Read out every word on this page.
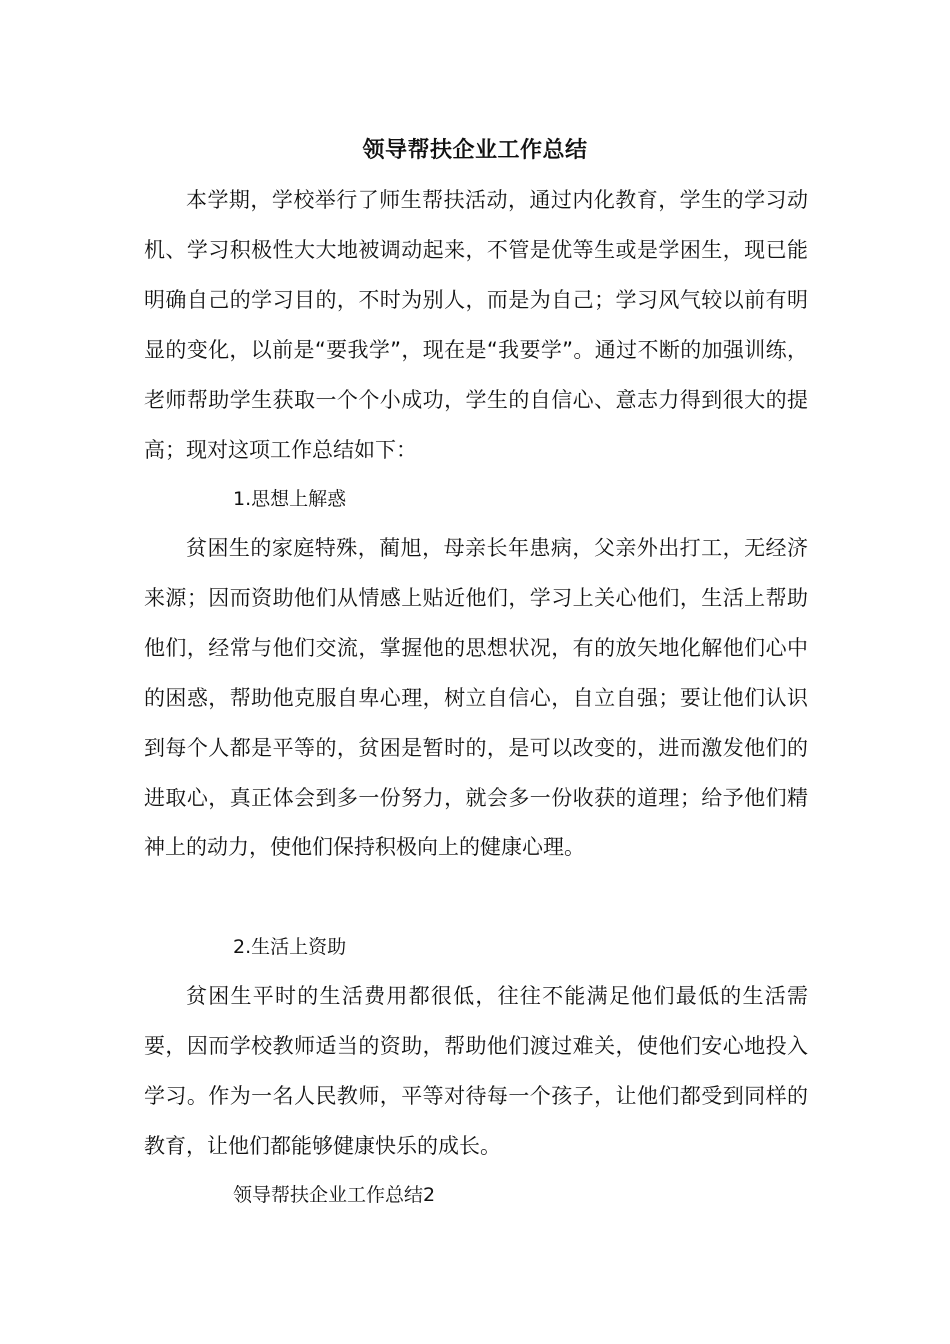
领导帮扶企业工作总结

本学期，学校举行了师生帮扶活动，通过内化教育，学生的学习动机、学习积极性大大地被调动起来，不管是优等生或是学困生，现已能明确自己的学习目的，不时为别人，而是为自己；学习风气较以前有明显的变化，以前是“要我学”，现在是“我要学”。通过不断的加强训练，老师帮助学生获取一个个小成功，学生的自信心、意志力得到很大的提高；现对这项工作总结如下：

1.思想上解惑

贫困生的家庭特殊，蔺旭，母亲长年患病，父亲外出打工，无经济来源；因而资助他们从情感上贴近他们，学习上关心他们，生活上帮助他们，经常与他们交流，掌握他的思想状况，有的放矢地化解他们心中的困惑，帮助他克服自卑心理，树立自信心，自立自强；要让他们认识到每个人都是平等的，贫困是暂时的，是可以改变的，进而激发他们的进取心，真正体会到多一份努力，就会多一份收获的道理；给予他们精神上的动力，使他们保持积极向上的健康心理。

2.生活上资助

贫困生平时的生活费用都很低，往往不能满足他们最低的生活需要，因而学校教师适当的资助，帮助他们渡过难关，使他们安心地投入学习。作为一名人民教师，平等对待每一个孩子，让他们都受到同样的教育，让他们都能够健康快乐的成长。

领导帮扶企业工作总结2
